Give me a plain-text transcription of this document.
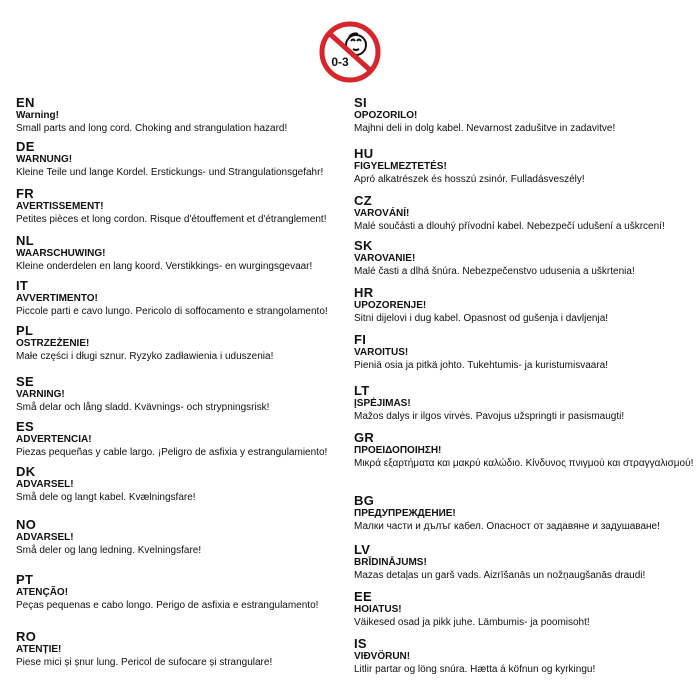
0-3
EN
Warning!
Small parts and long cord. Choking and strangulation hazard!
DE
WARNUNG!
Kleine Teile und lange Kordel. Erstickungs- und Strangulationsgefahr!
FR
AVERTISSEMENT!
Petites pièces et long cordon. Risque d'étouffement et d'étranglement!
NL
WAARSCHUWING!
Kleine onderdelen en lang koord. Verstikkings- en wurgingsgevaar!
IT
AVVERTIMENTO!
Piccole parti e cavo lungo. Pericolo di soffocamento e strangolamento!
PL
OSTRZEŻENIE!
Małe części i długi sznur. Ryzyko zadławienia i uduszenia!
SE
VARNING!
Små delar och lång sladd. Kvävnings- och strypningsrisk!
ES
ADVERTENCIA!
Piezas pequeñas y cable largo. ¡Peligro de asfixia y estrangulamiento!
DK
ADVARSEL!
Små dele og langt kabel. Kvælningsfare!
NO
ADVARSEL!
Små deler og lang ledning. Kvelningsfare!
PT
ATENÇÃO!
Peças pequenas e cabo longo. Perigo de asfixia e estrangulamento!
RO
ATENȚIE!
Piese mici și șnur lung. Pericol de sufocare și strangulare!
SI
OPOZORILO!
Majhni deli in dolg kabel. Nevarnost zadušitve in zadavitve!
HU
FIGYELMEZTETÉS!
Apró alkatrészek és hosszú zsinór. Fulladásveszély!
CZ
VAROVÁNÍ!
Malé součásti a dlouhý přívodní kabel. Nebezpečí udušení a uškrcení!
SK
VAROVANIE!
Malé časti a dlhá šnúra. Nebezpečenstvo udusenia a uškrtenia!
HR
UPOZORENJE!
Sitni dijelovi i dug kabel. Opasnost od gušenja i davljenja!
FI
VAROITUS!
Pieniä osia ja pitkä johto. Tukehtumis- ja kuristumisvaara!
LT
ĮSPĖJIMAS!
Mažos dalys ir ilgos virvės. Pavojus užspringti ir pasismaugti!
GR
ΠΡΟΕΙΔΟΠΟΙΗΣΗ!
Μικρά εξαρτήματα και μακρύ καλώδιο. Κίνδυνος πνιγμού και στραγγαλισμού!
BG
ПРЕДУПРЕЖДЕНИЕ!
Малки части и дълъг кабел. Опасност от задавяне и задушаване!
LV
BRĪDINĀJUMS!
Mazas detaļas un garš vads. Aizrīšanās un nožņaugšanās draudi!
EE
HOIATUS!
Väikesed osad ja pikk juhe. Lämbumis- ja poomisoht!
IS
VIÐVÖRUN!
Litlir partar og löng snúra. Hætta á köfnun og kyrkingu!
